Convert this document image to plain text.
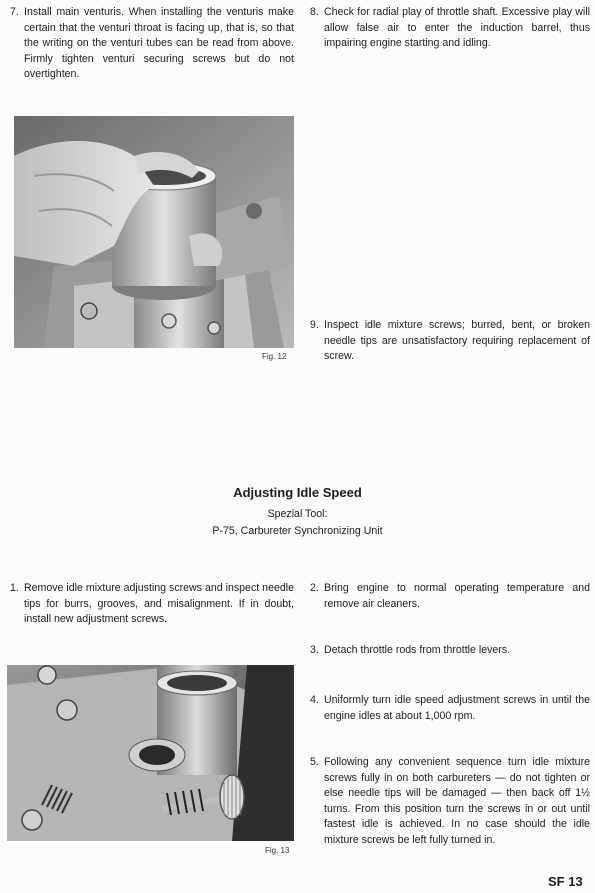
7. Install main venturis. When installing the venturis make certain that the venturi throat is facing up, that is, so that the writing on the venturi tubes can be read from above. Firmly tighten venturi securing screws but do not overtighten.
8. Check for radial play of throttle shaft. Excessive play will allow false air to enter the induction barrel, thus impairing engine starting and idling.
Fig. 12
9. Inspect idle mixture screws; burred, bent, or broken needle tips are unsatisfactory requiring replacement of screw.
Adjusting Idle Speed
Spezial Tool:
P-75, Carbureter Synchronizing Unit
1. Remove idle mixture adjusting screws and inspect needle tips for burrs, grooves, and misalignment. If in doubt, install new adjustment screws.
2. Bring engine to normal operating temperature and remove air cleaners.
3. Detach throttle rods from throttle levers.
Fig. 13
4. Uniformly turn idle speed adjustment screws in until the engine idles at about 1,000 rpm.
5. Following any convenient sequence turn idle mixture screws fully in on both carbureters — do not tighten or else needle tips will be damaged — then back off 1½ turns. From this position turn the screws in or out until fastest idle is achieved. In no case should the idle mixture screws be left fully turned in.
SF 13
